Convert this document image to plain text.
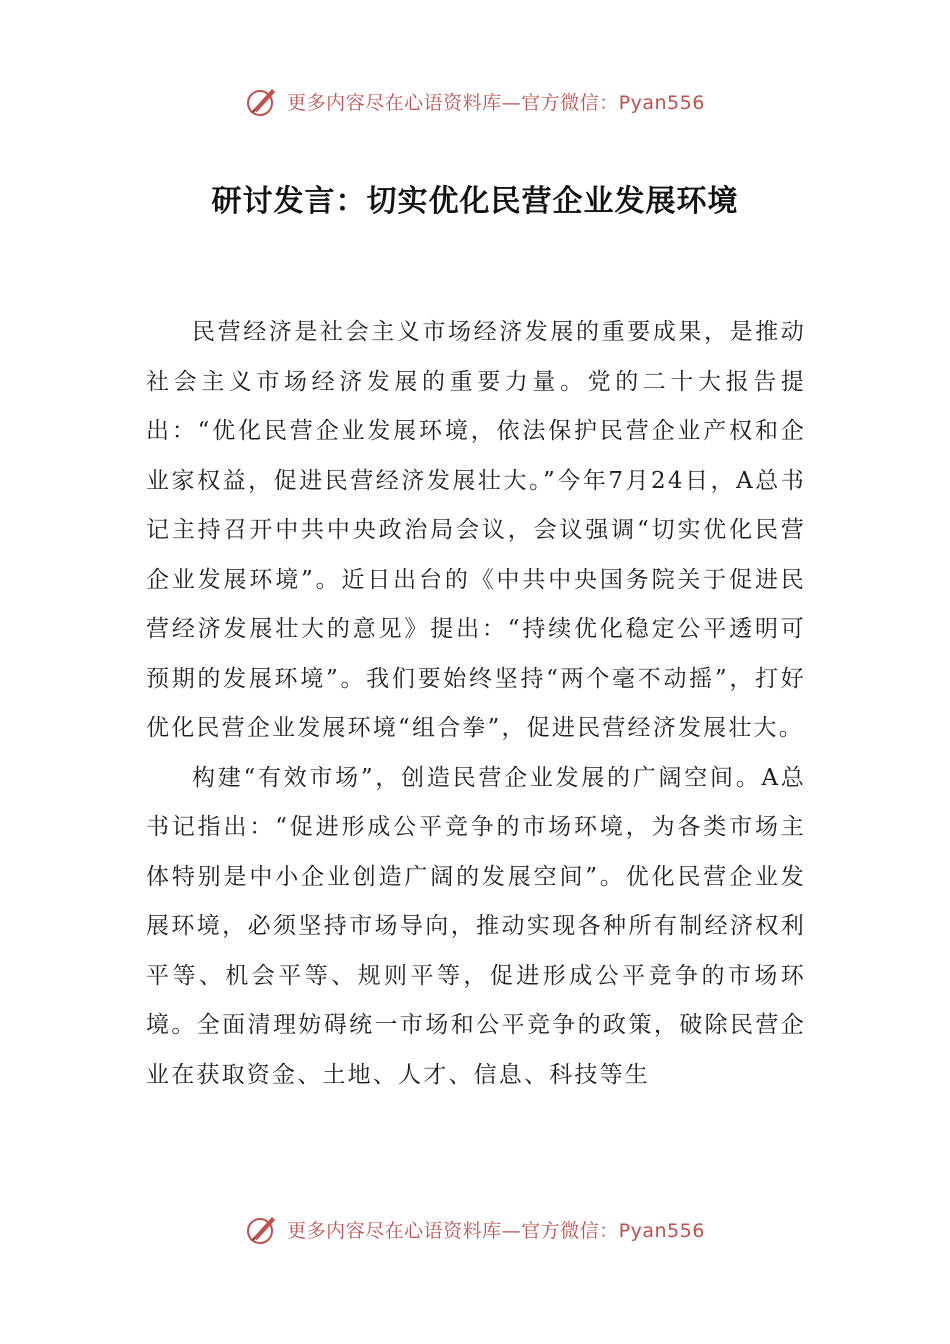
更多内容尽在心语资料库—官方微信：Pyan556
研讨发言：切实优化民营企业发展环境

民营经济是社会主义市场经济发展的重要成果，是推动社会主义市场经济发展的重要力量。党的二十大报告提出：“优化民营企业发展环境，依法保护民营企业产权和企业家权益，促进民营经济发展壮大。”今年7月24日，A总书记主持召开中共中央政治局会议，会议强调“切实优化民营企业发展环境”。近日出台的《中共中央国务院关于促进民营经济发展壮大的意见》提出：“持续优化稳定公平透明可预期的发展环境”。我们要始终坚持“两个毫不动摇”，打好优化民营企业发展环境“组合拳”，促进民营经济发展壮大。

构建“有效市场”，创造民营企业发展的广阔空间。A总书记指出：“促进形成公平竞争的市场环境，为各类市场主体特别是中小企业创造广阔的发展空间”。优化民营企业发展环境，必须坚持市场导向，推动实现各种所有制经济权利平等、机会平等、规则平等，促进形成公平竞争的市场环境。全面清理妨碍统一市场和公平竞争的政策，破除民营企业在获取资金、土地、人才、信息、科技等生

更多内容尽在心语资料库—官方微信：Pyan556
